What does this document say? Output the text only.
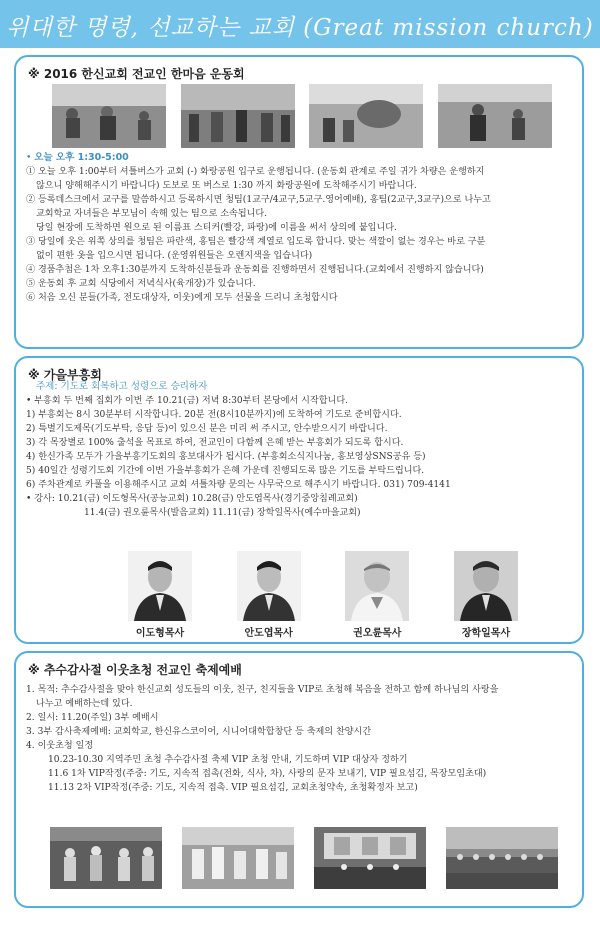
위대한 명령, 선교하는 교회 (Great mission church)
※ 2016 한신교회 전교인 한마음 운동회
• 오늘 오후 1:30-5:00
① 오늘 오후 1:00부터 셔틀버스가 교회 (-) 화랑공원 입구로 운행됩니다. (운동회 관계로 주일 귀가 차량은 운행하지
않으니 양해해주시기 바랍니다) 도보로 또 버스로 1:30 까지 화랑공원에 도착해주시기 바랍니다.
② 등록데스크에서 교구를 말씀하시고 등록하시면 청팀(1교구/4교구,5교구.영어예배), 홍팀(2교구,3교구)으로 나누고
교회학교 자녀들은 부모님이 속해 있는 팀으로 소속됩니다.
당일 현장에 도착하면 원으로 된 이름표 스티커(빨강, 파랑)에 이름을 써서 상의에 붙입니다.
③ 당일에 웃은 위쪽 상의를 청팀은 파란색, 홍팀은 빨강색 계열로 입도록 합니다. 맞는 색깔이 없는 경우는 바로 구분
없이 편한 옷을 입으시면 됩니다. (운영위원들은 오렌지색을 입습니다)
④ 경품추첨은 1차 오후1:30분까지 도착하신분들과 운동회를 진행하면서 진행됩니다.(교회에서 진행하지 않습니다)
⑤ 운동회 후 교회 식당에서 저녁식사(육개장)가 있습니다.
⑥ 처음 오신 분들(가족, 전도대상자, 이웃)에게 모두 선물을 드리니 초청합시다
※ 가을부흥회
주제: 기도로 회복하고 성령으로 승리하자
• 부흥회 두 번째 집회가 이번 주 10.21(금) 저녁 8:30부터 본당에서 시작합니다.
1) 부흥회는 8시 30분부터 시작합니다. 20분 전(8시10분까지)에 도착하여 기도로 준비합시다.
2) 특별기도제목(기도부탁, 응답 등)이 있으신 분은 미리 써 주시고, 안수받으시기 바랍니다.
3) 각 목장별로 100% 출석을 목표로 하여, 전교인이 다함께 은혜 받는 부흥회가 되도록 합시다.
4) 한신가족 모두가 가을부흥기도회의 홍보대사가 됩시다. (부흥회소식지나눔, 홍보영상SNS공유 등)
5) 40일간 성령기도회 기간에 이번 가을부흥회가 은혜 가운데 진행되도록 많은 기도를 부탁드립니다.
6) 주차관계로 카풀을 이용해주시고 교회 셔틀차량 문의는 사무국으로 해주시기 바랍니다. 031) 709-4141
• 강사: 10.21(금) 이도형목사(공능교회) 10.28(금) 안도엽목사(경기중앙침례교회)
11.4(금) 권오륜목사(발음교회) 11.11(금) 장학일목사(예수마을교회)
이도형목사	안도엽목사	권오륜목사	장학일목사
※ 추수감사절 이웃초청 전교인 축제예배
1. 목적: 추수감사절을 맞아 한신교회 성도들의 이웃, 친구, 친지들을 VIP로 초청해 복음을 전하고 함께 하나님의 사랑을
나누고 예배하는데 있다.
2. 일시: 11.20(주일) 3부 예배시
3. 3부 감사축제예배: 교회학교, 한신유스코이어, 시니어대학합창단 등 축제의 찬양시간
4. 이웃초청 일정
10.23-10.30 지역주민 초청 추수감사절 축제 VIP 초청 안내, 기도하며 VIP 대상자 정하기
11.6 1차 VIP작정(주중: 기도, 지속적 접촉(전화, 식사, 차), 사랑의 문자 보내기, VIP 필요섬김, 목장모임초대)
11.13 2차 VIP작정(주중: 기도, 지속적 접촉. VIP 필요섬김, 교회초청약속, 초청확정자 보고)
